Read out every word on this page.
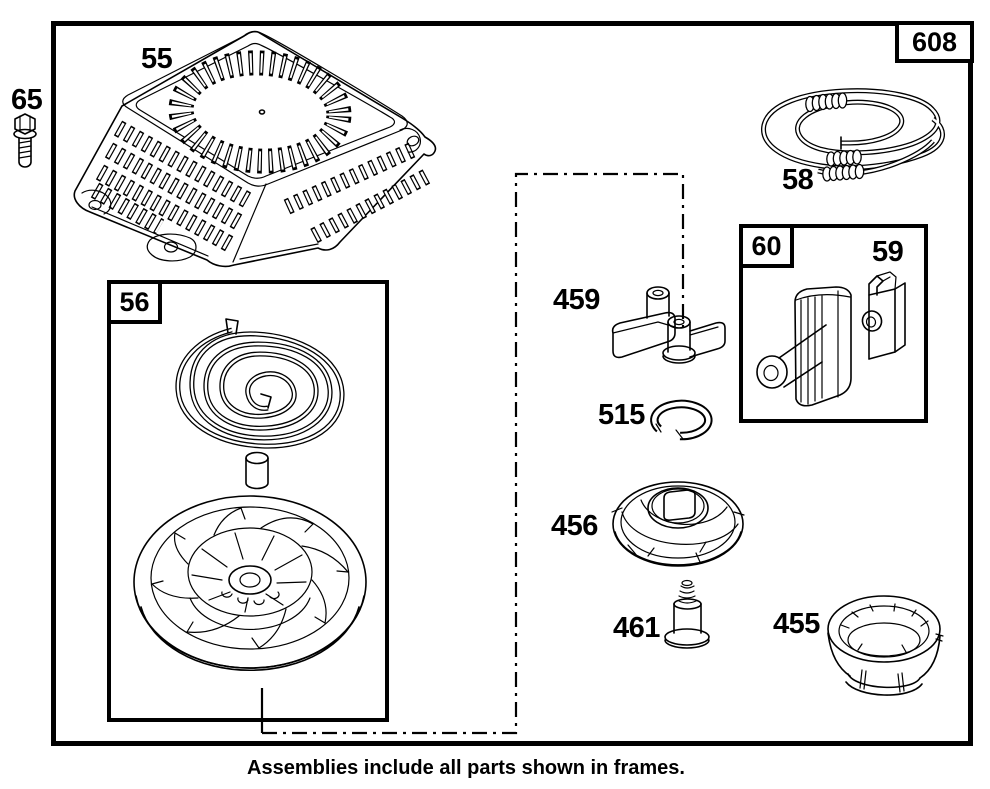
608
56
60
65
55
58
59
459
515
456
461	455
Assemblies include all parts shown in frames.
